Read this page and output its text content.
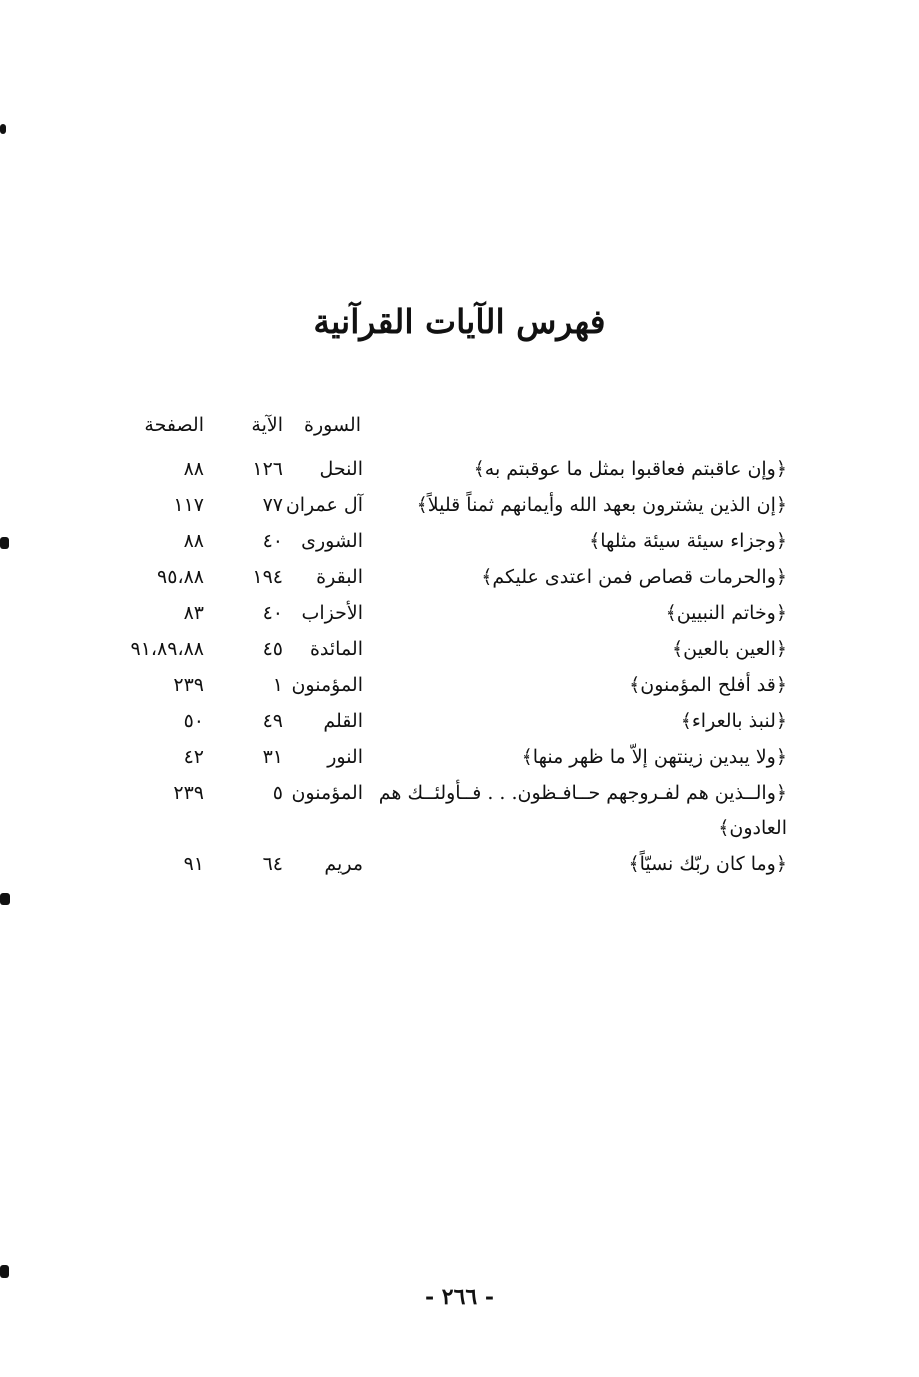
فهرس الآيات القرآنية
السورة
الآية
الصفحة
﴿وإن عاقبتم فعاقبوا بمثل ما عوقبتم به﴾
النحل
١٢٦
٨٨
﴿إن الذين يشترون بعهد الله وأيمانهم ثمناً قليلاً﴾
آل عمران
٧٧
١١٧
﴿وجزاء سيئة سيئة مثلها﴾
الشورى
٤٠
٨٨
﴿والحرمات قصاص فمن اعتدى عليكم﴾
البقرة
١٩٤
٩٥،٨٨
﴿وخاتم النبيين﴾
الأحزاب
٤٠
٨٣
﴿العين بالعين﴾
المائدة
٤٥
٩١،٨٩،٨٨
﴿قد أفلح المؤمنون﴾
المؤمنون
١
٢٣٩
﴿لنبذ بالعراء﴾
القلم
٤٩
٥٠
﴿ولا يبدين زينتهن إلاّ ما ظهر منها﴾
النور
٣١
٤٢
﴿والــذين هم لفـروجهم حــافـظون. . . فــأولئــك هم
المؤمنون
٥
٢٣٩
العادون﴾
﴿وما كان ربّك نسيّاً﴾
مريم
٦٤
٩١
- ٢٦٦ -
